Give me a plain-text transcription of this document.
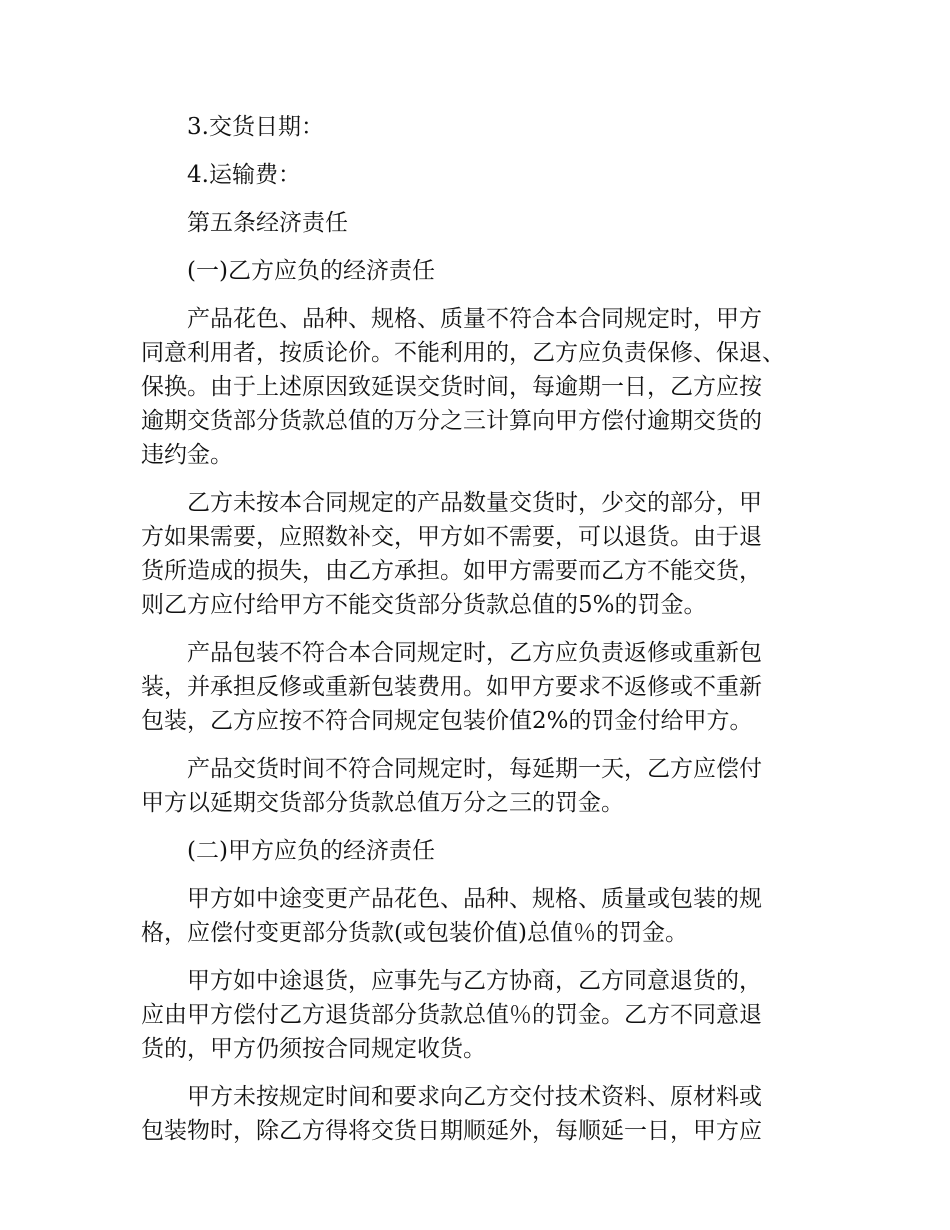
3.交货日期：
4.运输费：
第五条经济责任
(一)乙方应负的经济责任
产品花色、品种、规格、质量不符合本合同规定时，甲方
同意利用者，按质论价。不能利用的，乙方应负责保修、保退、
保换。由于上述原因致延误交货时间，每逾期一日，乙方应按
逾期交货部分货款总值的万分之三计算向甲方偿付逾期交货的
违约金。
乙方未按本合同规定的产品数量交货时，少交的部分，甲
方如果需要，应照数补交，甲方如不需要，可以退货。由于退
货所造成的损失，由乙方承担。如甲方需要而乙方不能交货，
则乙方应付给甲方不能交货部分货款总值的5%的罚金。
产品包装不符合本合同规定时，乙方应负责返修或重新包
装，并承担反修或重新包装费用。如甲方要求不返修或不重新
包装，乙方应按不符合同规定包装价值2%的罚金付给甲方。
产品交货时间不符合同规定时，每延期一天，乙方应偿付
甲方以延期交货部分货款总值万分之三的罚金。
(二)甲方应负的经济责任
甲方如中途变更产品花色、品种、规格、质量或包装的规
格，应偿付变更部分货款(或包装价值)总值％的罚金。
甲方如中途退货，应事先与乙方协商，乙方同意退货的，
应由甲方偿付乙方退货部分货款总值％的罚金。乙方不同意退
货的，甲方仍须按合同规定收货。
甲方未按规定时间和要求向乙方交付技术资料、原材料或
包装物时，除乙方得将交货日期顺延外，每顺延一日，甲方应
